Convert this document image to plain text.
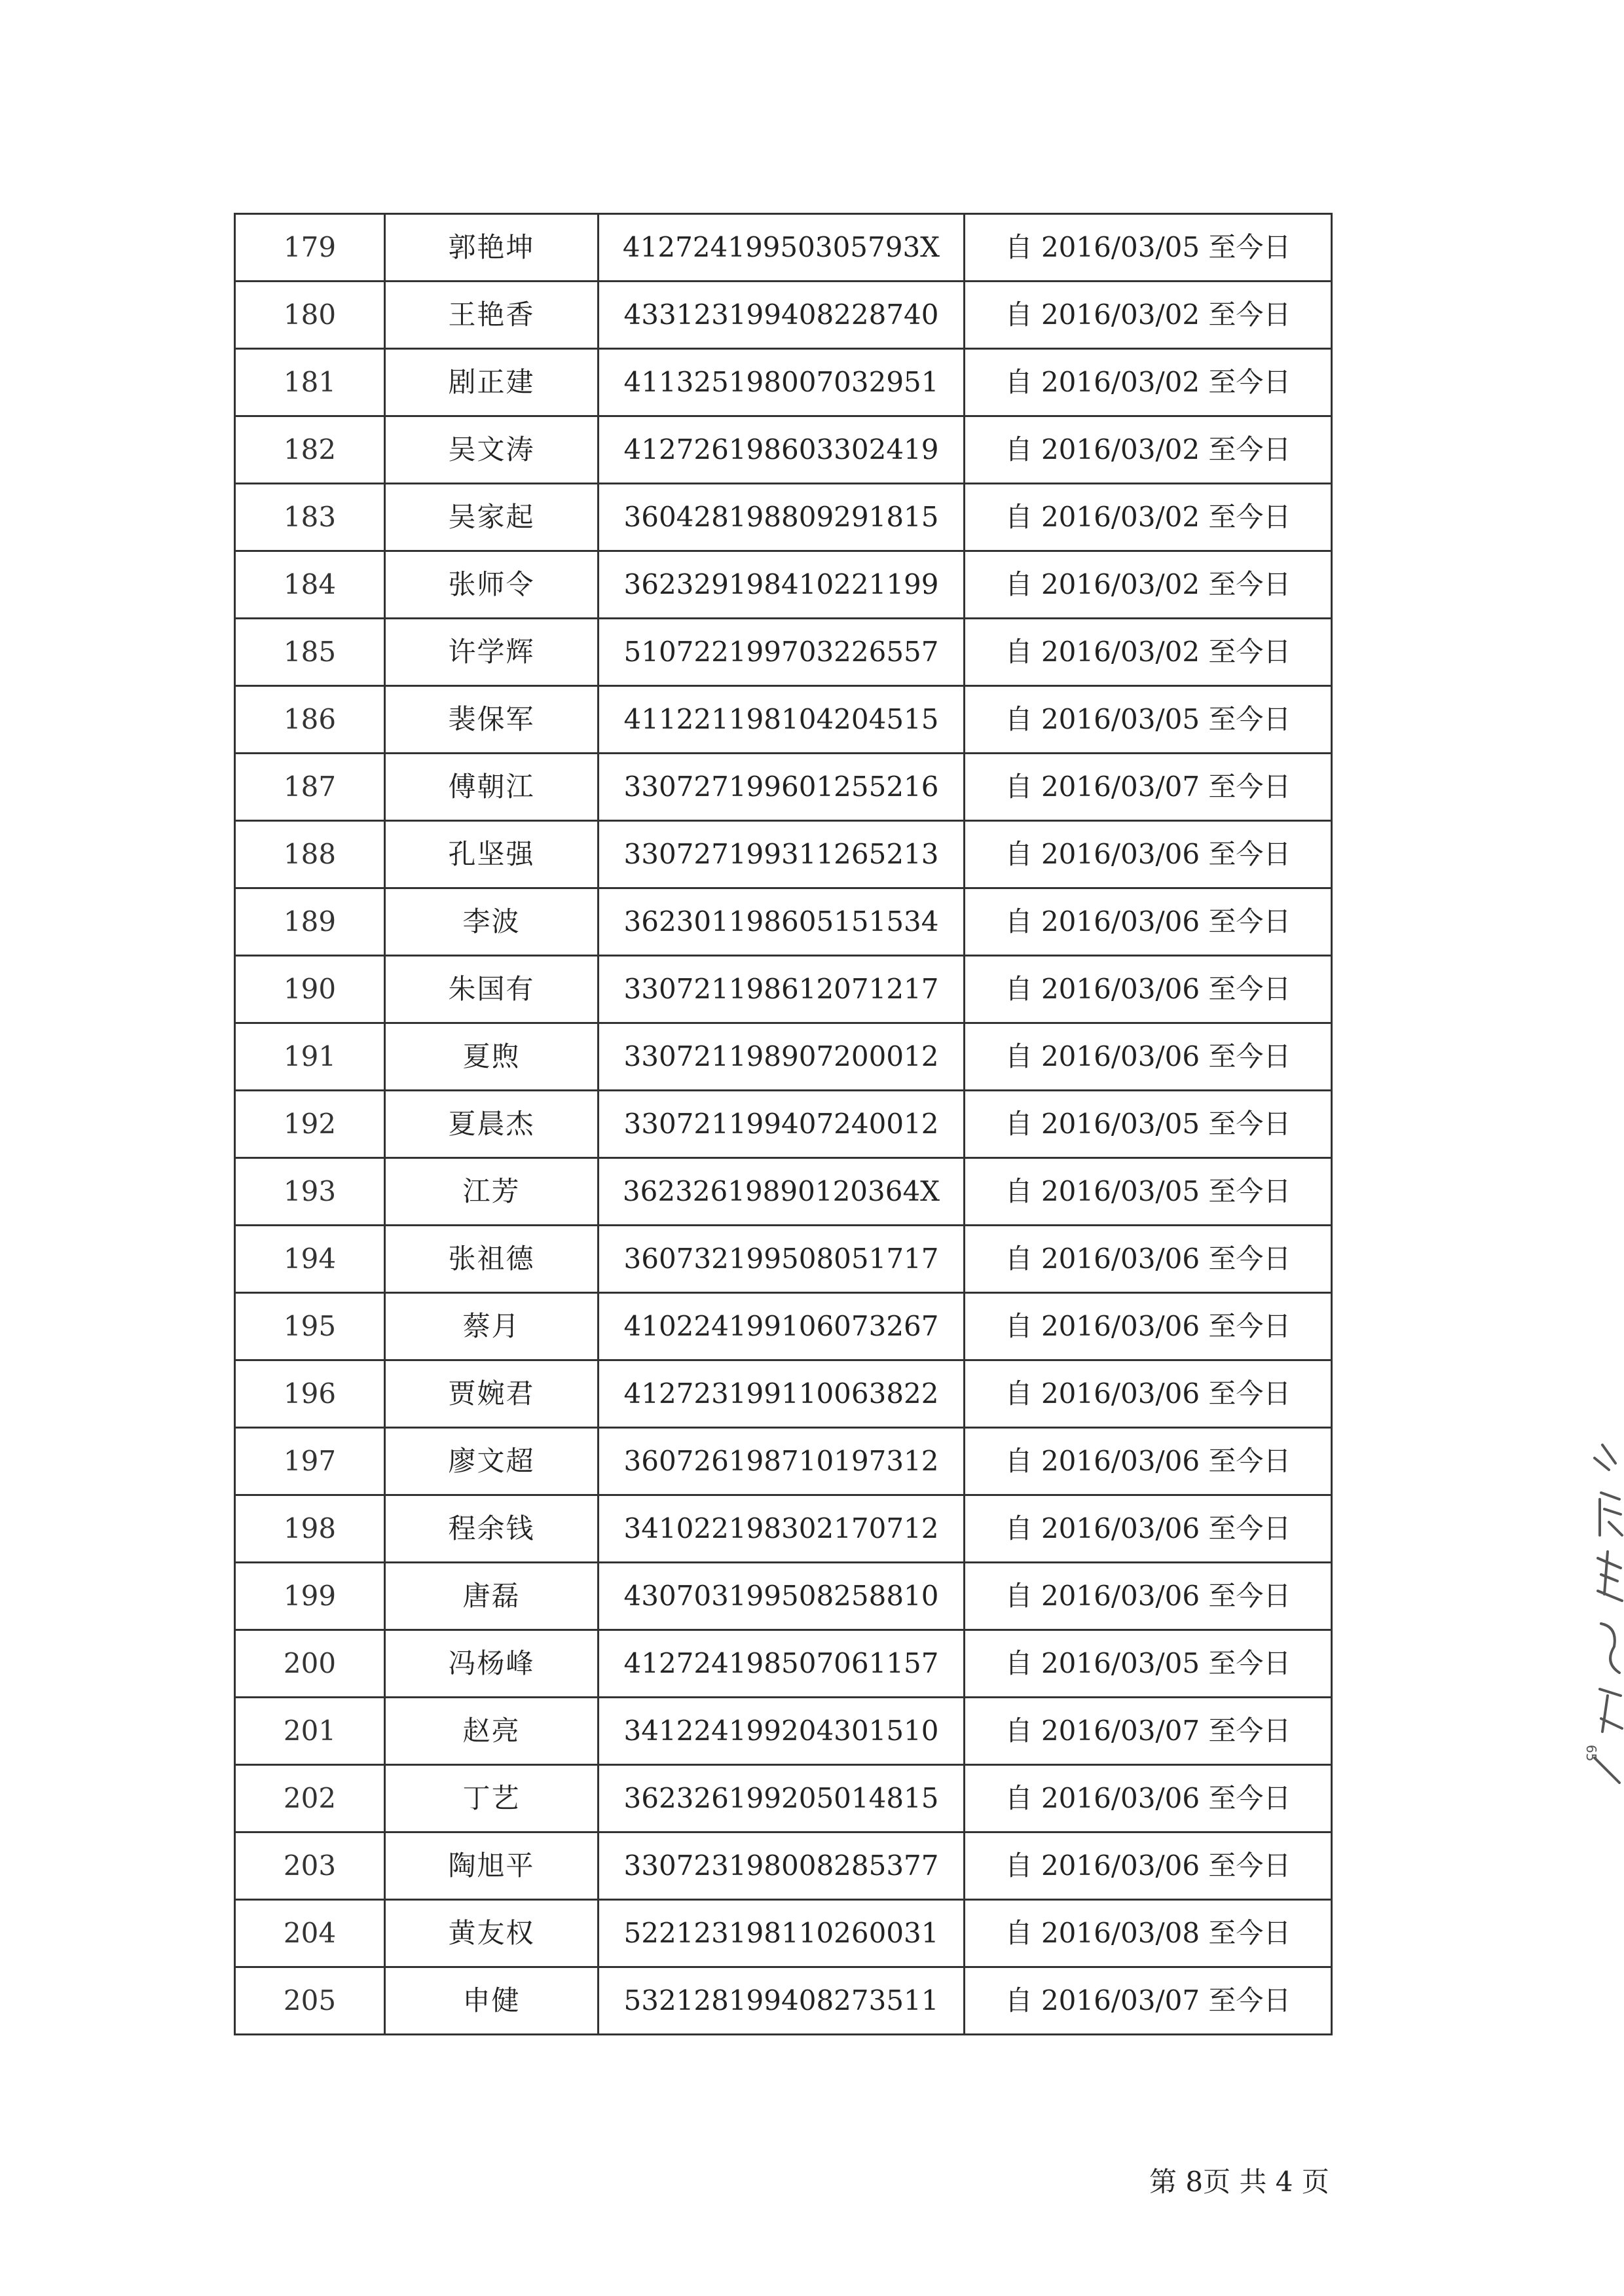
179	郭艳坤	41272419950305793X	自 2016/03/05 至今日
180	王艳香	433123199408228740	自 2016/03/02 至今日
181	剧正建	411325198007032951	自 2016/03/02 至今日
182	吴文涛	412726198603302419	自 2016/03/02 至今日
183	吴家起	360428198809291815	自 2016/03/02 至今日
184	张师令	362329198410221199	自 2016/03/02 至今日
185	许学辉	510722199703226557	自 2016/03/02 至今日
186	裴保军	411221198104204515	自 2016/03/05 至今日
187	傅朝江	330727199601255216	自 2016/03/07 至今日
188	孔坚强	330727199311265213	自 2016/03/06 至今日
189	李波	362301198605151534	自 2016/03/06 至今日
190	朱国有	330721198612071217	自 2016/03/06 至今日
191	夏煦	330721198907200012	自 2016/03/06 至今日
192	夏晨杰	330721199407240012	自 2016/03/05 至今日
193	江芳	36232619890120364X	自 2016/03/05 至今日
194	张祖德	360732199508051717	自 2016/03/06 至今日
195	蔡月	410224199106073267	自 2016/03/06 至今日
196	贾婉君	412723199110063822	自 2016/03/06 至今日
197	廖文超	360726198710197312	自 2016/03/06 至今日
198	程余钱	341022198302170712	自 2016/03/06 至今日
199	唐磊	430703199508258810	自 2016/03/06 至今日
200	冯杨峰	412724198507061157	自 2016/03/05 至今日
201	赵亮	341224199204301510	自 2016/03/07 至今日
202	丁艺	362326199205014815	自 2016/03/06 至今日
203	陶旭平	330723198008285377	自 2016/03/06 至今日
204	黄友权	522123198110260031	自 2016/03/08 至今日
205	申健	532128199408273511	自 2016/03/07 至今日
第 8页 共 4 页
65
